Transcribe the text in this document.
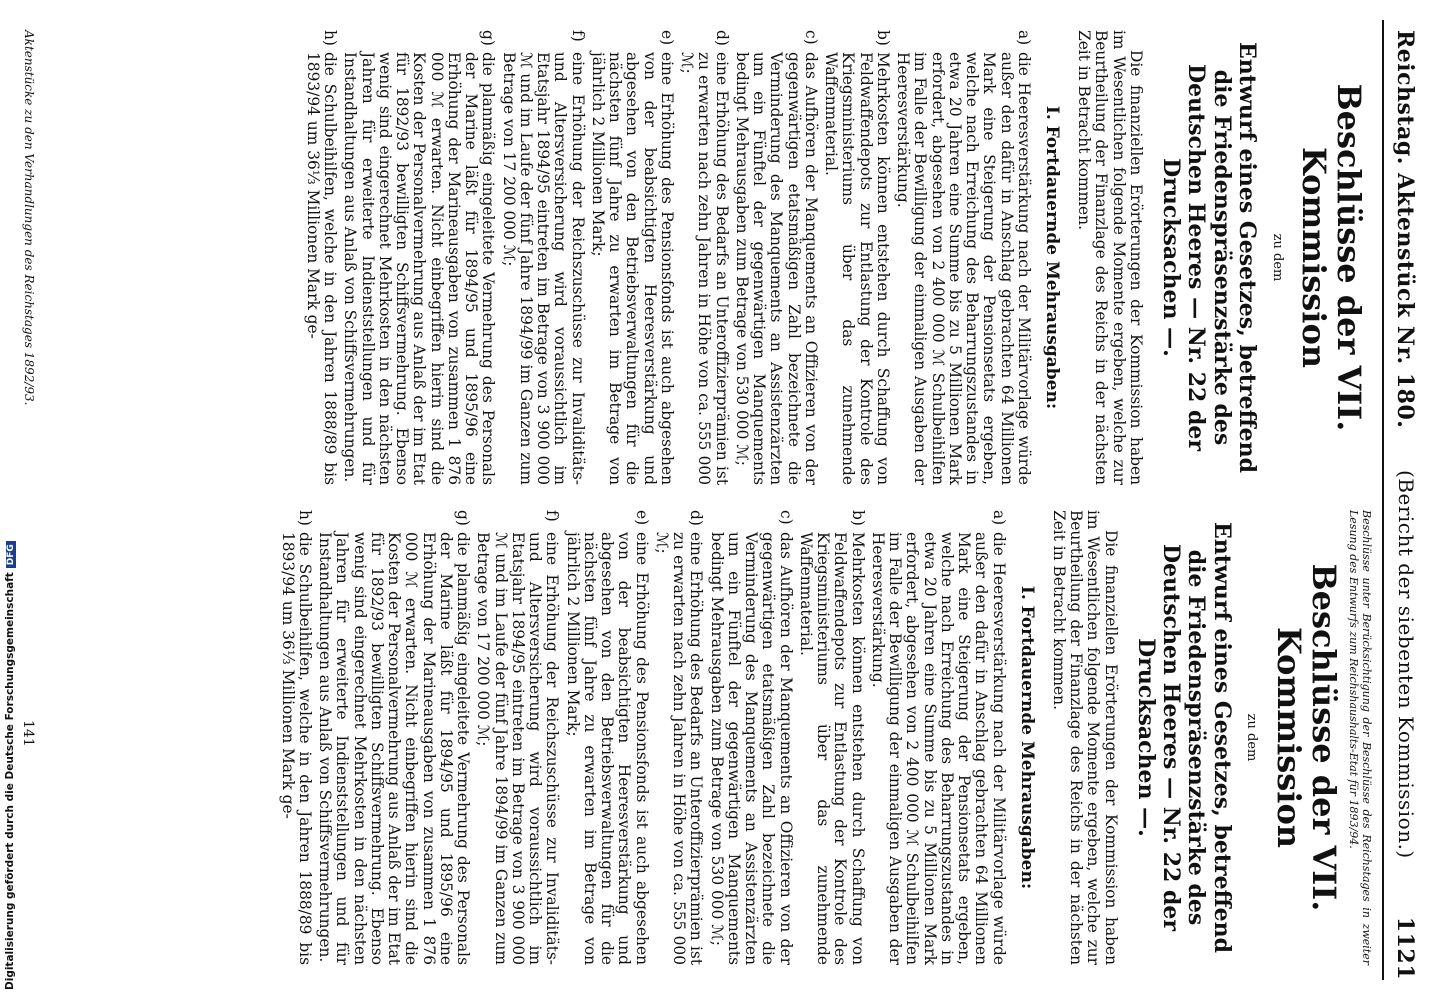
Reichstag. Aktenstück Nr. 180.
(Bericht der siebenten Kommission.)
1121
Beschlüsse der VII. Kommission
zu dem
Entwurf eines Gesetzes, betreffend die Friedenspräsenzstärke des Deutschen Heeres — Nr. 22 der Drucksachen —.

Die finanziellen Erörterungen der Kommission haben im Wesentlichen folgende Momente ergeben, welche zur Beurtheilung der Finanzlage des Reichs in der nächsten Zeit in Betracht kommen.

I. Fortdauernde Mehrausgaben:
a)
die Heeresverstärkung nach der Militärvorlage würde außer den dafür in Anschlag gebrachten 64 Millionen Mark eine Steigerung der Pensionsetats ergeben, welche nach Erreichung des Beharrungszustandes in etwa 20 Jahren eine Summe bis zu 5 Millionen Mark erfordert, abgesehen von 2 400 000 ℳ Schulbeihilfen im Falle der Bewilligung der einmaligen Ausgaben der Heeresverstärkung.
b)
Mehrkosten können entstehen durch Schaffung von Feldwaffendepots zur Entlastung der Kontrole des Kriegsministeriums über das zunehmende Waffenmaterial.
c)
das Aufhören der Manquements an Offizieren von der gegenwärtigen etatsmäßigen Zahl bezeichnete die Verminderung des Manquements an Assistenzärzten um ein Fünftel der gegenwärtigen Manquements bedingt Mehrausgaben zum Betrage von 530 000 ℳ;
d)
eine Erhöhung des Bedarfs an Unteroffizierprämien ist zu erwarten nach zehn Jahren in Höhe von ca. 555 000 ℳ;
e)
eine Erhöhung des Pensionsfonds ist auch abgesehen von der beabsichtigten Heeresverstärkung und abgesehen von den Betriebsverwaltungen für die nächsten fünf Jahre zu erwarten im Betrage von jährlich 2 Millionen Mark;
f)
eine Erhöhung der Reichszuschüsse zur Invaliditäts- und Altersversicherung wird voraussichtlich im Etatsjahr 1894/95 eintreten im Betrage von 3 900 000 ℳ und im Laufe der fünf Jahre 1894/99 im Ganzen zum Betrage von 17 200 000 ℳ;
g)
die planmäßig eingeleitete Vermehrung des Personals der Marine läßt für 1894/95 und 1895/96 eine Erhöhung der Marineausgaben von zusammen 1 876 000 ℳ erwarten. Nicht einbegriffen hierin sind die Kosten der Personalvermehrung aus Anlaß der im Etat für 1892/93 bewilligten Schiffsvermehrung. Ebenso wenig sind eingerechnet Mehrkosten in den nächsten Jahren für erweiterte Indienststellungen und für Instandhaltungen aus Anlaß von Schiffsvermehrungen.
h)
die Schulbeihilfen, welche in den Jahren 1888/89 bis 1893/94 um 36⅓ Millionen Mark ge-
Beschlüsse unter Berücksichtigung der Beschlüsse des Reichstages in zweiter Lesung des Entwurfs zum Reichshaushalts-Etat für 1893/94.
Beschlüsse der VII. Kommission
zu dem
Entwurf eines Gesetzes, betreffend die Friedenspräsenzstärke des Deutschen Heeres — Nr. 22 der Drucksachen —.

Die finanziellen Erörterungen der Kommission haben im Wesentlichen folgende Momente ergeben, welche zur Beurtheilung der Finanzlage des Reichs in der nächsten Zeit in Betracht kommen.

I. Fortdauernde Mehrausgaben:
a)
die Heeresverstärkung nach der Militärvorlage würde außer den dafür in Anschlag gebrachten 64 Millionen Mark eine Steigerung der Pensionsetats ergeben, welche nach Erreichung des Beharrungszustandes in etwa 20 Jahren eine Summe bis zu 5 Millionen Mark erfordert, abgesehen von 2 400 000 ℳ Schulbeihilfen im Falle der Bewilligung der einmaligen Ausgaben der Heeresverstärkung.
b)
Mehrkosten können entstehen durch Schaffung von Feldwaffendepots zur Entlastung der Kontrole des Kriegsministeriums über das zunehmende Waffenmaterial.
c)
das Aufhören der Manquements an Offizieren von der gegenwärtigen etatsmäßigen Zahl bezeichnete die Verminderung des Manquements an Assistenzärzten um ein Fünftel der gegenwärtigen Manquements bedingt Mehrausgaben zum Betrage von 530 000 ℳ;
d)
eine Erhöhung des Bedarfs an Unteroffizierprämien ist zu erwarten nach zehn Jahren in Höhe von ca. 555 000 ℳ;
e)
eine Erhöhung des Pensionsfonds ist auch abgesehen von der beabsichtigten Heeresverstärkung und abgesehen von den Betriebsverwaltungen für die nächsten fünf Jahre zu erwarten im Betrage von jährlich 2 Millionen Mark;
f)
eine Erhöhung der Reichszuschüsse zur Invaliditäts- und Altersversicherung wird voraussichtlich im Etatsjahr 1894/95 eintreten im Betrage von 3 900 000 ℳ und im Laufe der fünf Jahre 1894/99 im Ganzen zum Betrage von 17 200 000 ℳ;
g)
die planmäßig eingeleitete Vermehrung des Personals der Marine läßt für 1894/95 und 1895/96 eine Erhöhung der Marineausgaben von zusammen 1 876 000 ℳ erwarten. Nicht einbegriffen hierin sind die Kosten der Personalvermehrung aus Anlaß der im Etat für 1892/93 bewilligten Schiffsvermehrung. Ebenso wenig sind eingerechnet Mehrkosten in den nächsten Jahren für erweiterte Indienststellungen und für Instandhaltungen aus Anlaß von Schiffsvermehrungen.
h)
die Schulbeihilfen, welche in den Jahren 1888/89 bis 1893/94 um 36⅓ Millionen Mark ge-
Aktenstücke zu den Verhandlungen des Reichstages 1892/93.
141
Digitalisierung gefördert durch die Deutsche ForschungsgemeinschaftDFG
